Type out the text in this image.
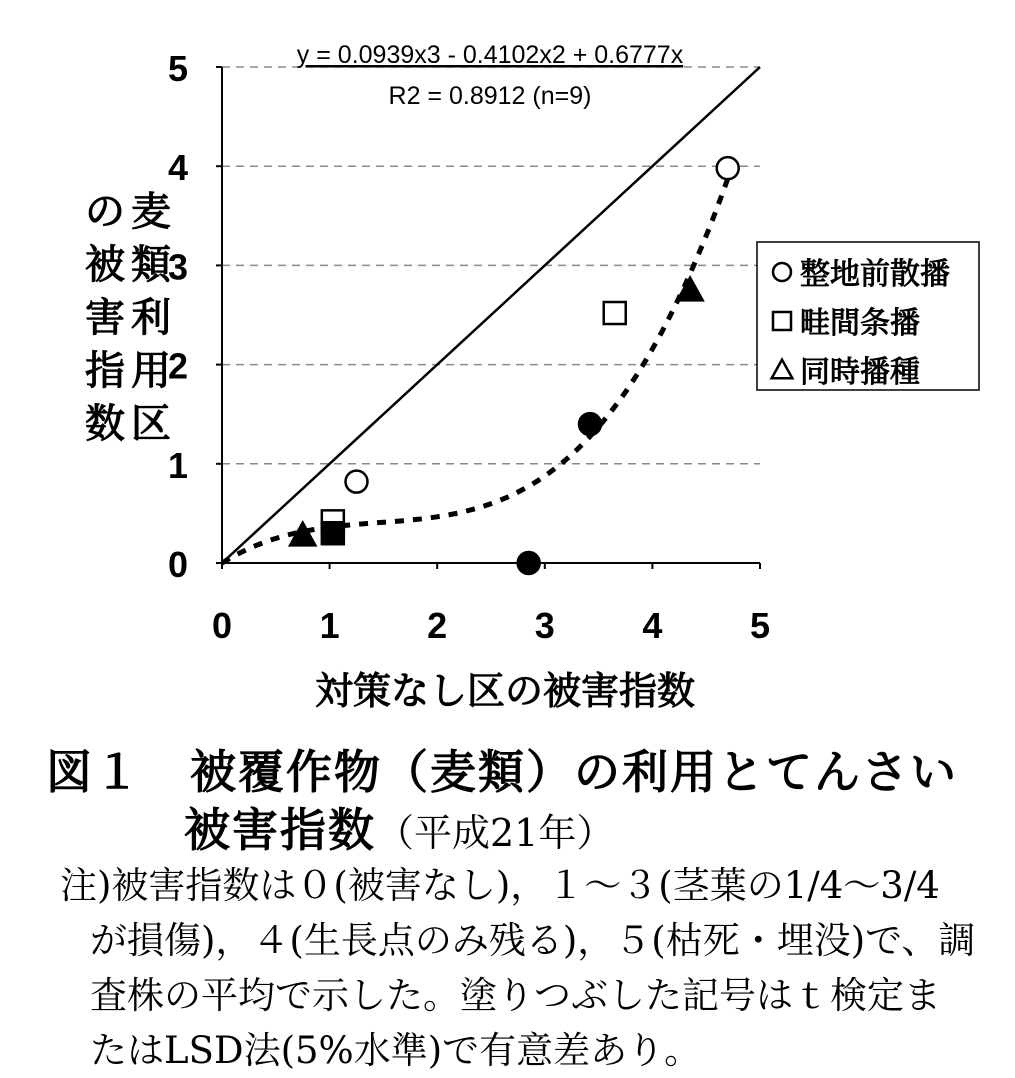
0
1
2
3
4
5
0 1 2 3 4 5
y = 0.0939x3 - 0.4102x2 + 0.6777x
R2 = 0.8912 (n=9)
整地前散播
畦間条播
同時播種
の
被
害
指
数
麦
類
利
用
区
対策なし区の被害指数
図１　被覆作物（麦類）の利用とてんさい
被害指数（平成21年）
注)被害指数は０(被害なし)，１～３(茎葉の1/4～3/4
が損傷)，４(生長点のみ残る)，５(枯死・埋没)で、調
査株の平均で示した。塗りつぶした記号はｔ検定ま
たはLSD法(5%水準)で有意差あり。
